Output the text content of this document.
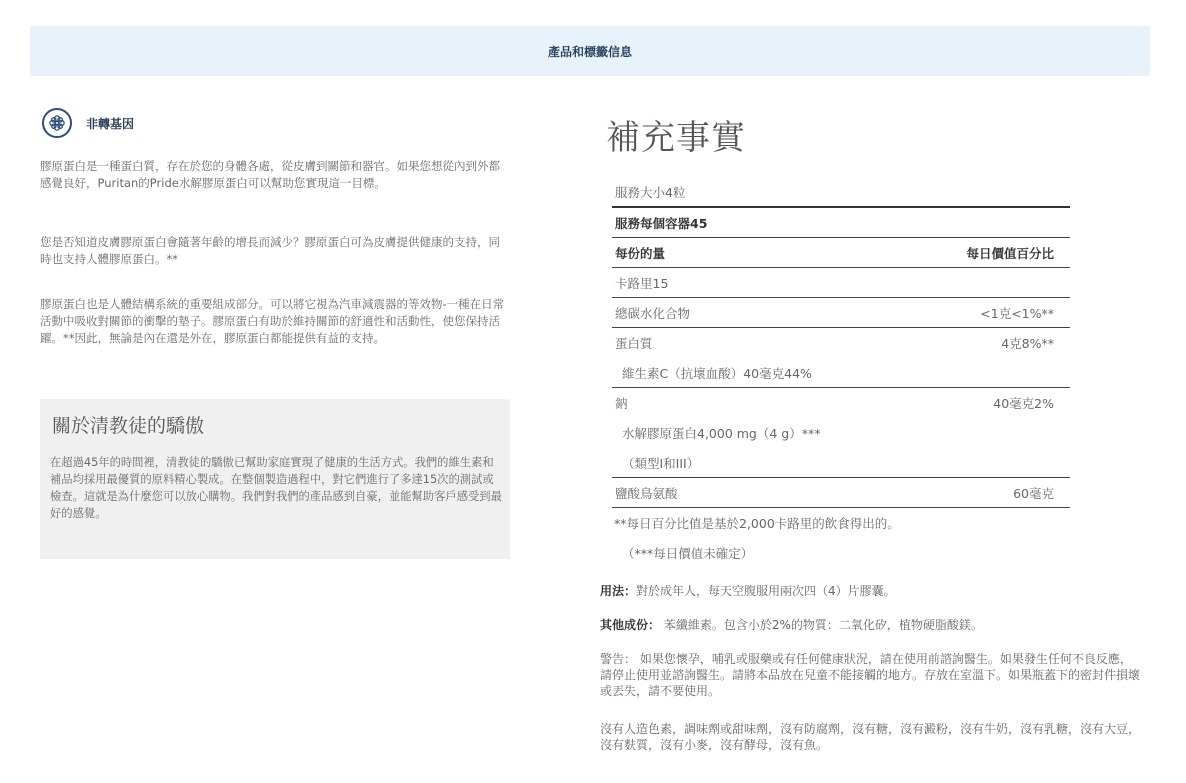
產品和標籤信息
非轉基因

膠原蛋白是一種蛋白質，存在於您的身體各處，從皮膚到關節和器官。如果您想從內到外都感覺良好，Puritan的Pride水解膠原蛋白可以幫助您實現這一目標。

您是否知道皮膚膠原蛋白會隨著年齡的增長而減少？膠原蛋白可為皮膚提供健康的支持，同時也支持人體膠原蛋白。**

膠原蛋白也是人體結構系統的重要組成部分。可以將它視為汽車減震器的等效物-一種在日常活動中吸收對關節的衝擊的墊子。膠原蛋白有助於維持關節的舒適性和活動性，使您保持活躍。**因此，無論是內在還是外在，膠原蛋白都能提供有益的支持。

關於清教徒的驕傲

在超過45年的時間裡，清教徒的驕傲已幫助家庭實現了健康的生活方式。我們的維生素和補品均採用最優質的原料精心製成。在整個製造過程中，對它們進行了多達15次的測試或檢查。這就是為什麼您可以放心購物。我們對我們的產品感到自豪，並能幫助客戶感受到最好的感覺。

補充事實
服務大小4粒
服務每個容器45
每份的量	每日價值百分比
卡路里15
總碳水化合物	<1克<1%**
蛋白質	4克8%**
維生素C（抗壞血酸）40毫克44%
鈉	40毫克2%
水解膠原蛋白4,000 mg（4 g）***
（類型I和III）
鹽酸鳥氨酸	60毫克
**每日百分比值是基於2,000卡路里的飲食得出的。
（***每日價值未確定）

用法：對於成年人，每天空腹服用兩次四（4）片膠囊。

其他成份： 苯纖維素。包含小於2%的物質：二氧化矽，植物硬脂酸鎂。

警告： 如果您懷孕，哺乳或服藥或有任何健康狀況，請在使用前諮詢醫生。如果發生任何不良反應，請停止使用並諮詢醫生。請將本品放在兒童不能接觸的地方。存放在室溫下。如果瓶蓋下的密封件損壞或丟失，請不要使用。

沒有人造色素，調味劑或甜味劑，沒有防腐劑，沒有糖，沒有澱粉，沒有牛奶，沒有乳糖，沒有大豆，沒有麩質，沒有小麥，沒有酵母，沒有魚。
